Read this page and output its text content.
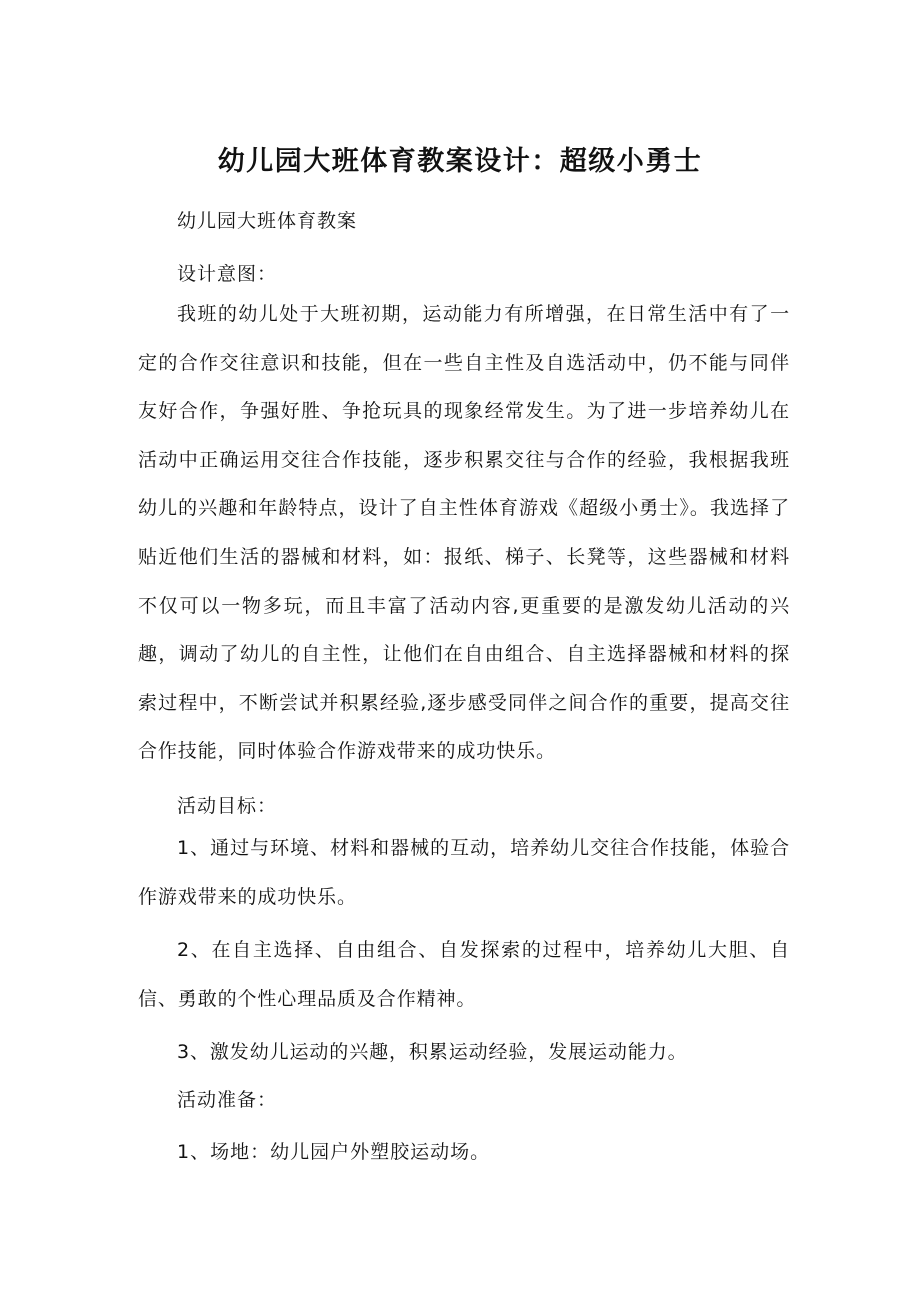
幼儿园大班体育教案设计：超级小勇士

幼儿园大班体育教案

设计意图：

我班的幼儿处于大班初期，运动能力有所增强，在日常生活中有了一定的合作交往意识和技能，但在一些自主性及自选活动中，仍不能与同伴友好合作，争强好胜、争抢玩具的现象经常发生。为了进一步培养幼儿在活动中正确运用交往合作技能，逐步积累交往与合作的经验，我根据我班幼儿的兴趣和年龄特点，设计了自主性体育游戏《超级小勇士》。我选择了贴近他们生活的器械和材料，如：报纸、梯子、长凳等，这些器械和材料不仅可以一物多玩，而且丰富了活动内容,更重要的是激发幼儿活动的兴趣，调动了幼儿的自主性，让他们在自由组合、自主选择器械和材料的探索过程中，不断尝试并积累经验,逐步感受同伴之间合作的重要，提高交往合作技能，同时体验合作游戏带来的成功快乐。

活动目标：

1、通过与环境、材料和器械的互动，培养幼儿交往合作技能，体验合作游戏带来的成功快乐。

2、在自主选择、自由组合、自发探索的过程中，培养幼儿大胆、自信、勇敢的个性心理品质及合作精神。

3、激发幼儿运动的兴趣，积累运动经验，发展运动能力。

活动准备：

1、场地：幼儿园户外塑胶运动场。
